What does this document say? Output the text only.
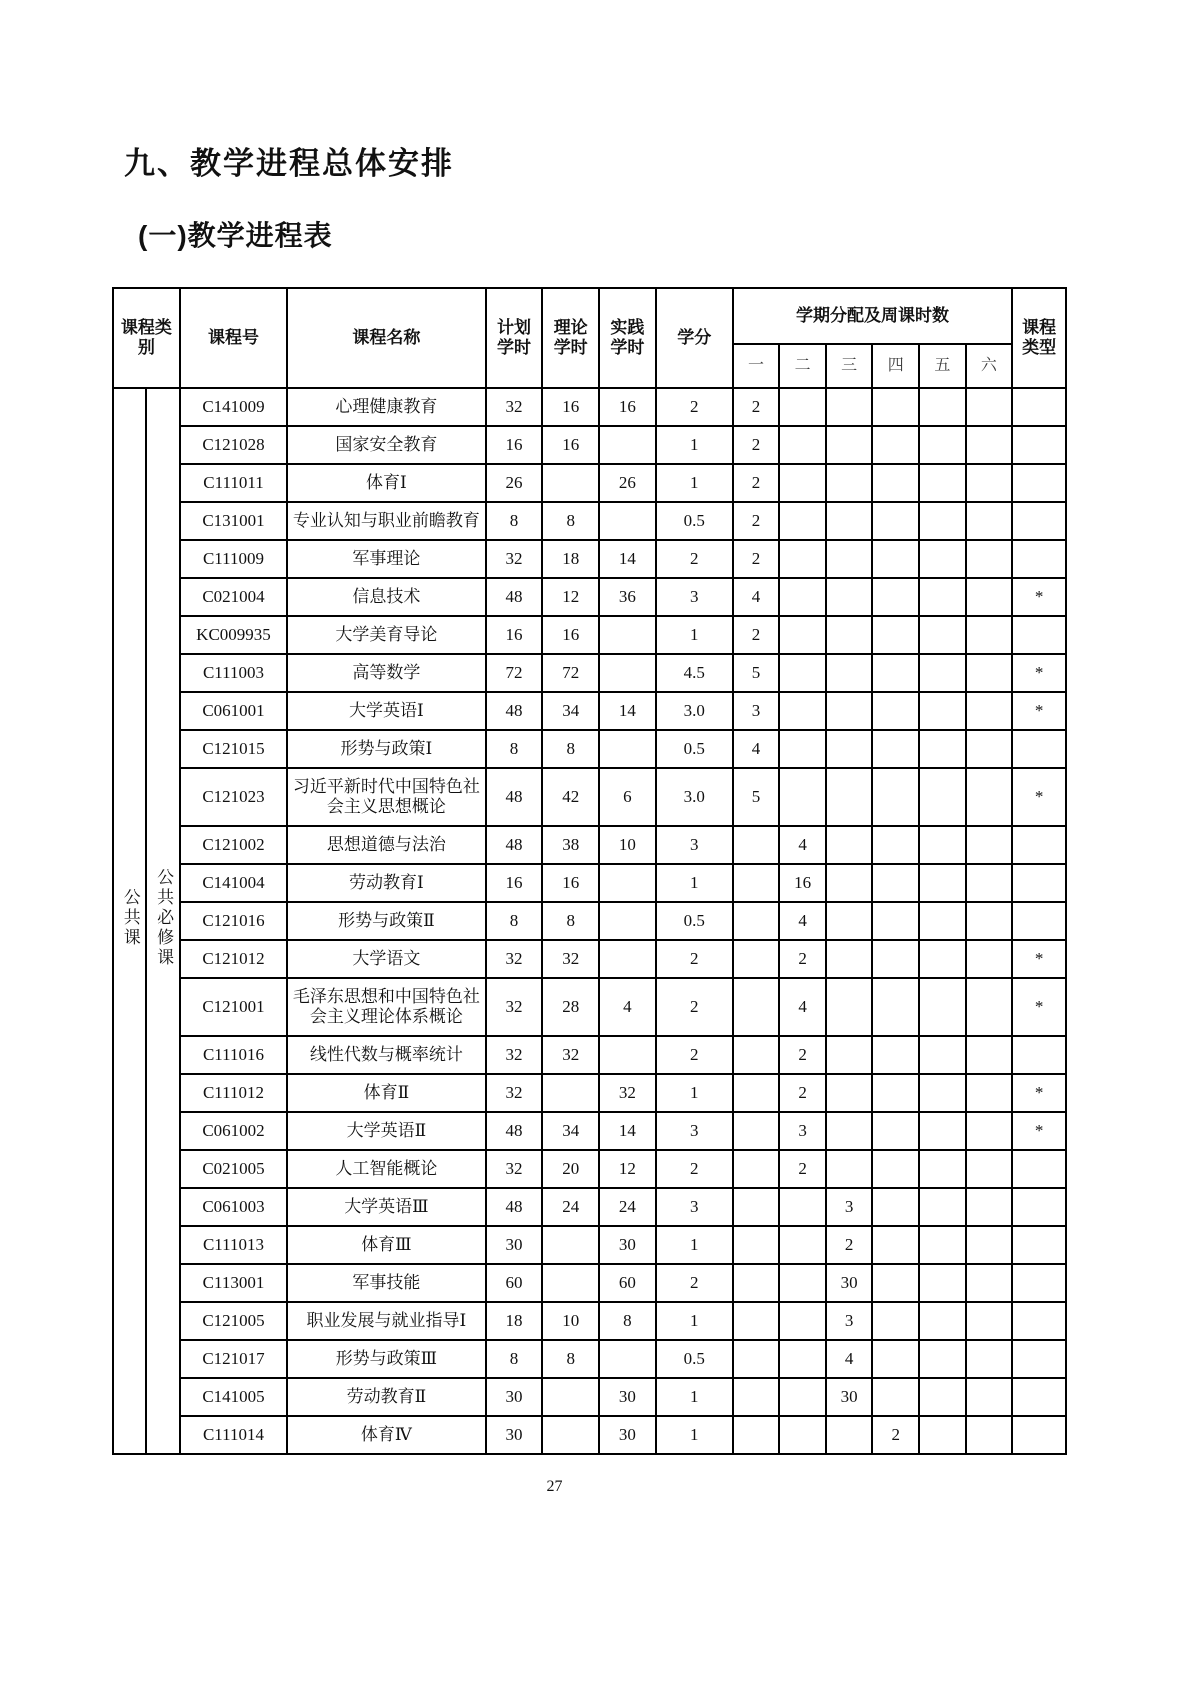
九、教学进程总体安排
(一)教学进程表
课程类别		课程号	课程名称	计划学时	理论学时	实践学时	学分	学期分配及周课时数						课程类型
								一	二	三	四	五	六	
公共课	公共必修课	C141009	心理健康教育	32	16	16	2	2						
		C121028	国家安全教育	16	16		1	2						
		C111011	体育Ⅰ	26		26	1	2						
		C131001	专业认知与职业前瞻教育	8	8		0.5	2						
		C111009	军事理论	32	18	14	2	2						
		C021004	信息技术	48	12	36	3	4						*
		KC009935	大学美育导论	16	16		1	2						
		C111003	高等数学	72	72		4.5	5						*
		C061001	大学英语Ⅰ	48	34	14	3.0	3						*
		C121015	形势与政策Ⅰ	8	8		0.5	4						
		C121023	习近平新时代中国特色社会主义思想概论	48	42	6	3.0	5						*
		C121002	思想道德与法治	48	38	10	3		4					
		C141004	劳动教育Ⅰ	16	16		1		16					
		C121016	形势与政策Ⅱ	8	8		0.5		4					
		C121012	大学语文	32	32		2		2					*
		C121001	毛泽东思想和中国特色社会主义理论体系概论	32	28	4	2		4					*
		C111016	线性代数与概率统计	32	32		2		2					
		C111012	体育Ⅱ	32		32	1		2					*
		C061002	大学英语Ⅱ	48	34	14	3		3					*
		C021005	人工智能概论	32	20	12	2		2					
		C061003	大学英语Ⅲ	48	24	24	3			3				
		C111013	体育Ⅲ	30		30	1			2				
		C113001	军事技能	60		60	2			30				
		C121005	职业发展与就业指导Ⅰ	18	10	8	1			3				
		C121017	形势与政策Ⅲ	8	8		0.5			4				
		C141005	劳动教育Ⅱ	30		30	1			30				
		C111014	体育Ⅳ	30		30	1				2			
27
